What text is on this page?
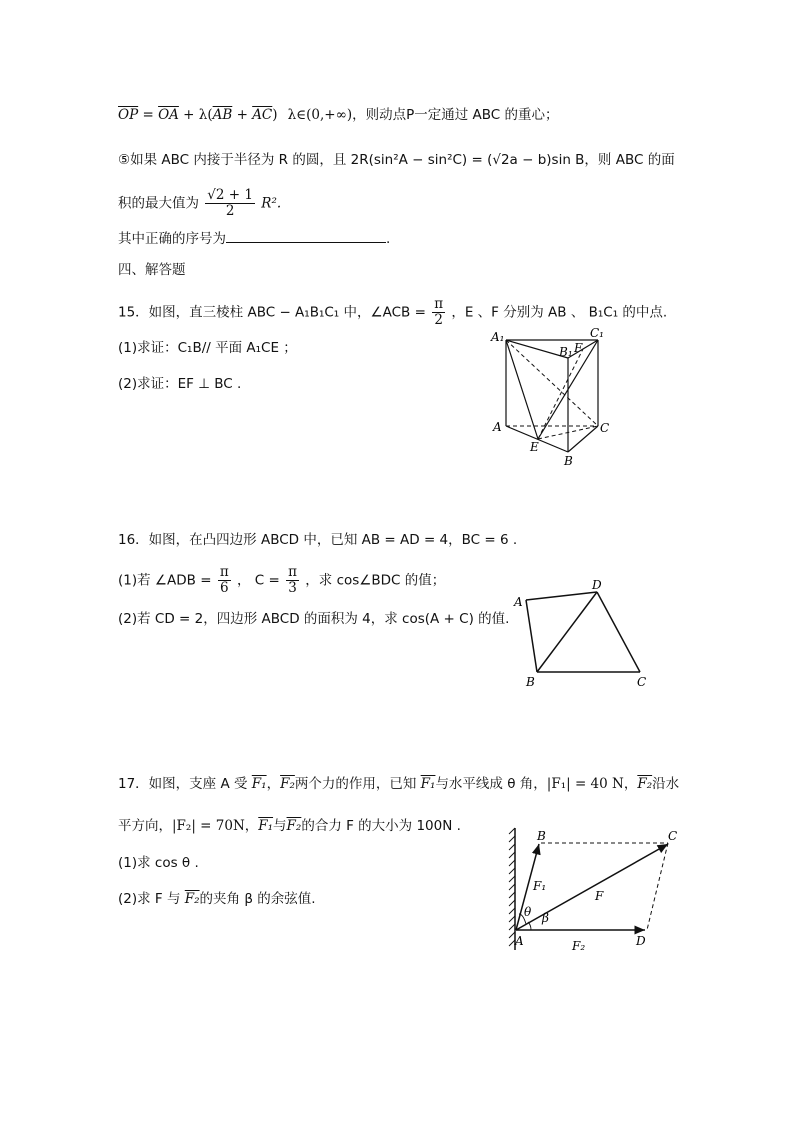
$\overline{OP} = \overline{OA} + \lambda(\overline{AB} + \overline{AC})$ λ∈(0,+∞)，则动点P一定通过 ABC 的重心；
⑤如果 ABC 内接于半径为 R 的圆，且 2R(sin²A − sin²C) = (√2a − b)sin B，则 ABC 的面
积的最大值为 $\frac{√2 + 1}{2} R^2$.
其中正确的序号为	.
四、解答题
15．如图，直三棱柱 ABC − A₁B₁C₁ 中，∠ACB = $\frac{\pi}{2}$ ，E 、F 分别为 AB 、 B₁C₁ 的中点.
(1)求证：C₁B// 平面 A₁CE ；
(2)求证：EF ⊥ BC .
A₁
B₁
C₁
F
A
E
B
C
16．如图，在凸四边形 ABCD 中，已知 AB = AD = 4，BC = 6 .
(1)若 ∠ADB = $\frac{\pi}{6}$ ， $C = \frac{\pi}{3}$ ，求 cos∠BDC 的值；
(2)若 CD = 2，四边形 ABCD 的面积为 4，求 cos(A + C) 的值.
A
D
B	C
17．如图，支座 A 受 F₁，F₂两个力的作用，已知 F₁与水平线成 θ 角，|F₁| = 40 N，F₂沿水
平方向，|F₂| = 70N，F₁与F₂的合力 F 的大小为 100N .
(1)求 cos θ .
(2)求 F 与 F₂的夹角 β 的余弦值.
B	C
D
A
F₁
F₂
F
θ β
